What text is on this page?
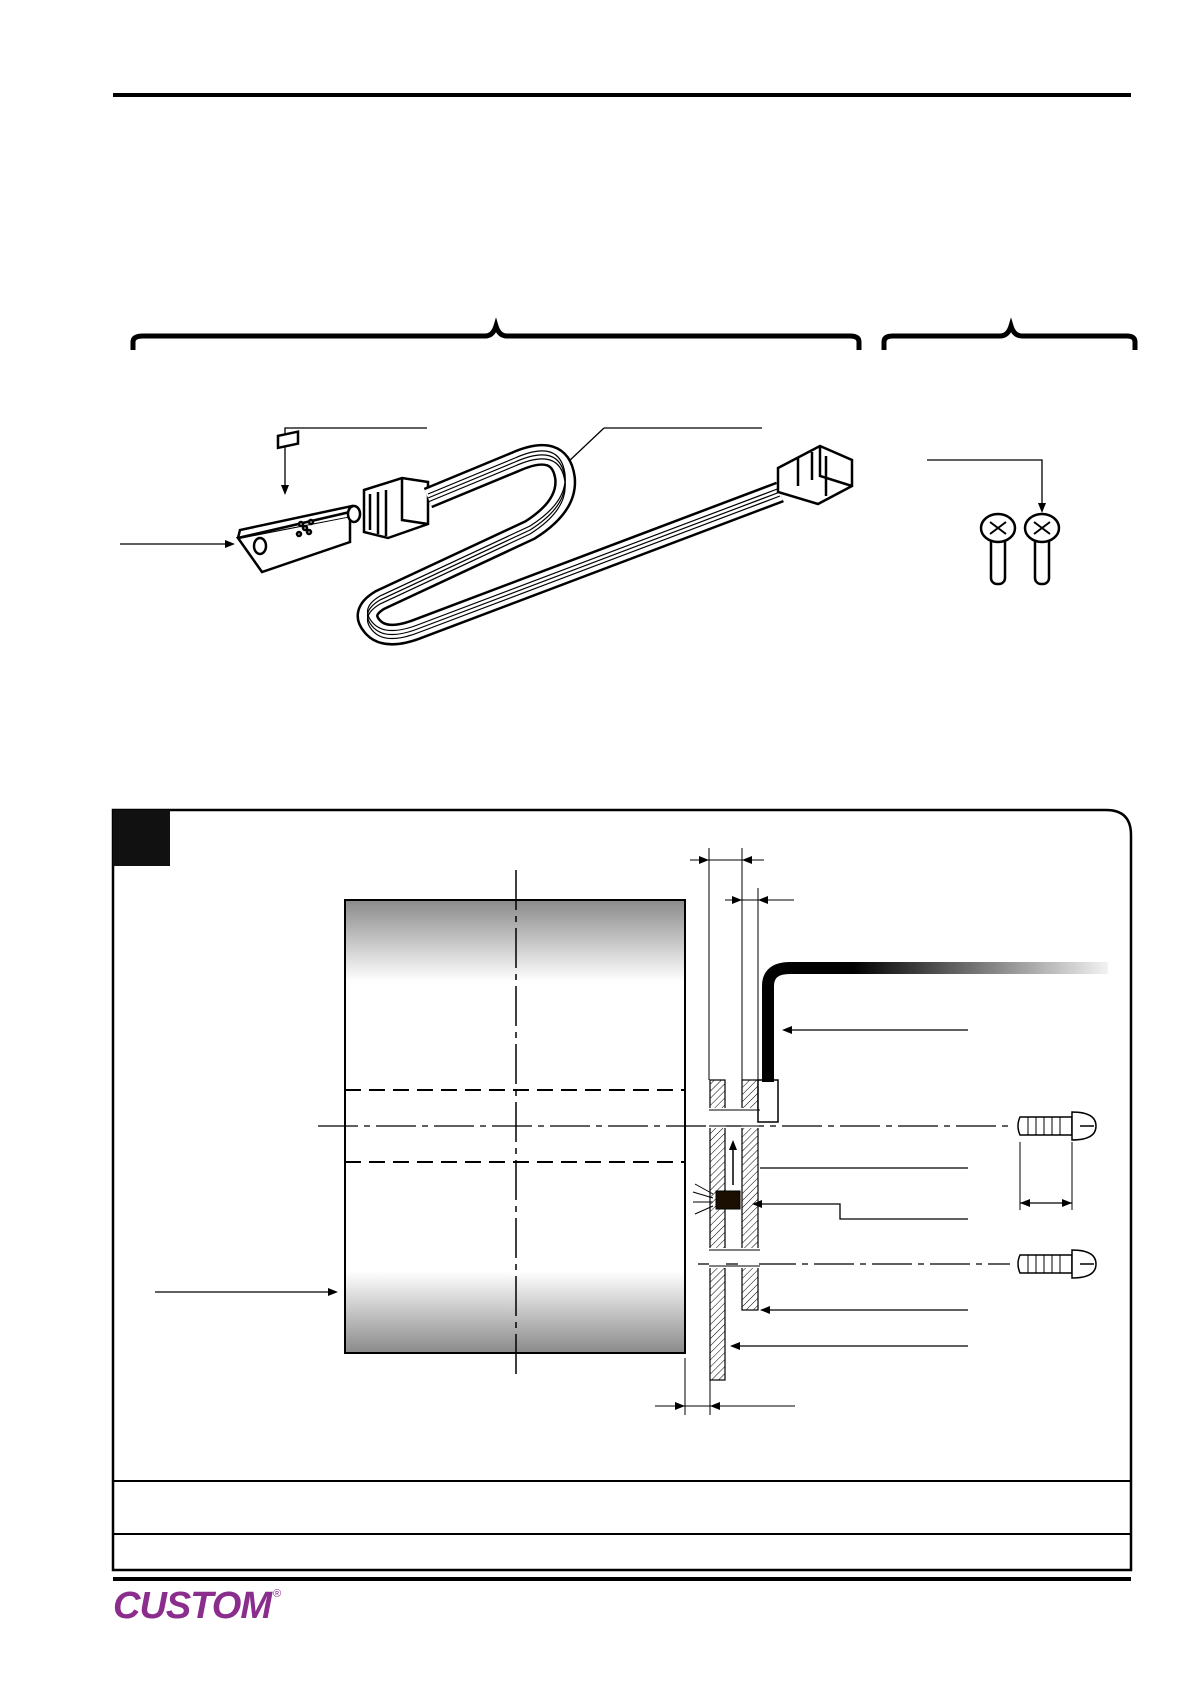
CUSTOM ®
